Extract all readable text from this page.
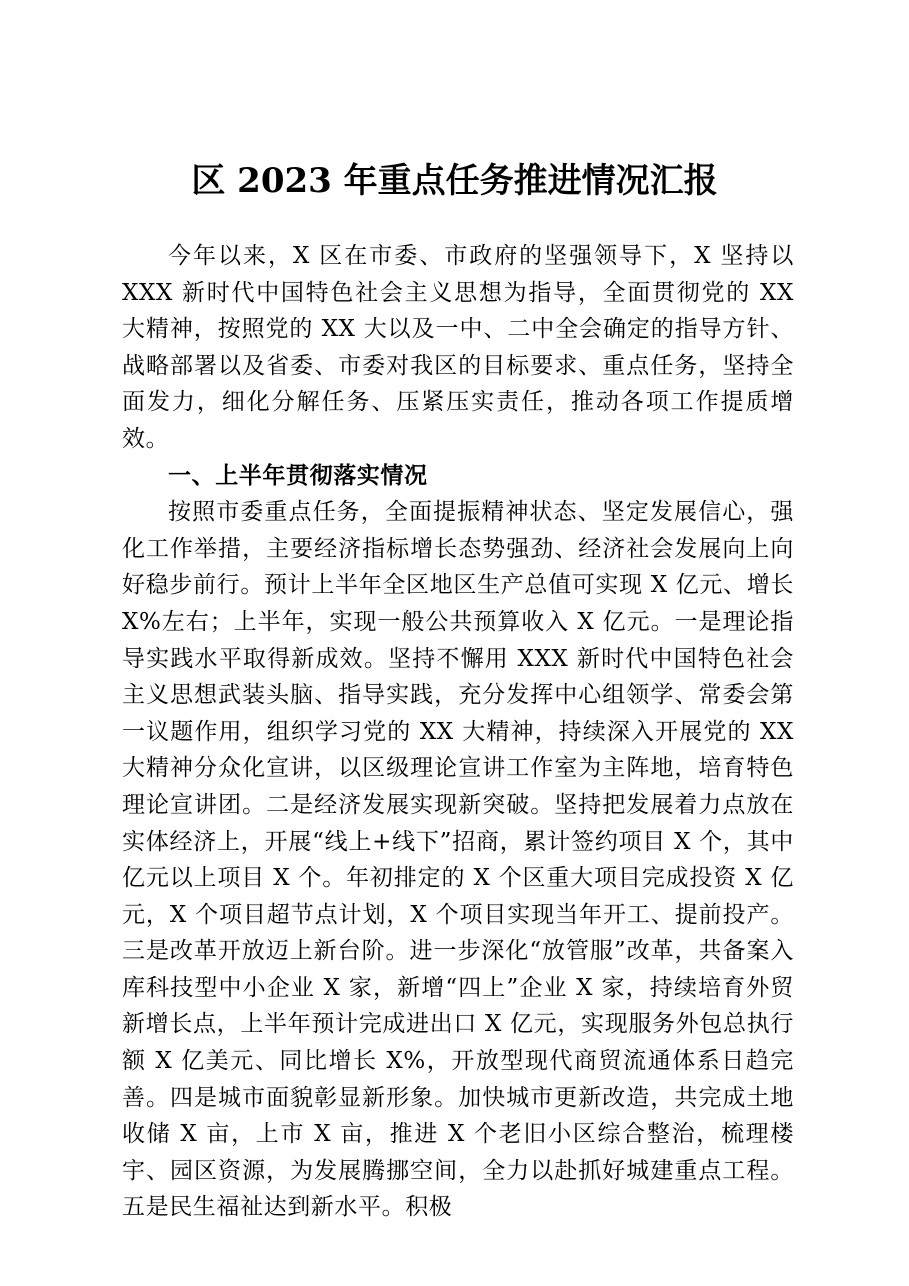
区 2023 年重点任务推进情况汇报

今年以来，X 区在市委、市政府的坚强领导下，X 坚持以 XXX 新时代中国特色社会主义思想为指导，全面贯彻党的 XX 大精神，按照党的 XX 大以及一中、二中全会确定的指导方针、战略部署以及省委、市委对我区的目标要求、重点任务，坚持全面发力，细化分解任务、压紧压实责任，推动各项工作提质增效。

一、上半年贯彻落实情况

按照市委重点任务，全面提振精神状态、坚定发展信心，强化工作举措，主要经济指标增长态势强劲、经济社会发展向上向好稳步前行。预计上半年全区地区生产总值可实现 X 亿元、增长 X%左右；上半年，实现一般公共预算收入 X 亿元。一是理论指导实践水平取得新成效。坚持不懈用 XXX 新时代中国特色社会主义思想武装头脑、指导实践，充分发挥中心组领学、常委会第一议题作用，组织学习党的 XX 大精神，持续深入开展党的 XX 大精神分众化宣讲，以区级理论宣讲工作室为主阵地，培育特色理论宣讲团。二是经济发展实现新突破。坚持把发展着力点放在实体经济上，开展“线上+线下”招商，累计签约项目 X 个，其中亿元以上项目 X 个。年初排定的 X 个区重大项目完成投资 X 亿元，X 个项目超节点计划，X 个项目实现当年开工、提前投产。三是改革开放迈上新台阶。进一步深化“放管服”改革，共备案入库科技型中小企业 X 家，新增“四上”企业 X 家，持续培育外贸新增长点，上半年预计完成进出口 X 亿元，实现服务外包总执行额 X 亿美元、同比增长 X%，开放型现代商贸流通体系日趋完善。四是城市面貌彰显新形象。加快城市更新改造，共完成土地收储 X 亩，上市 X 亩，推进 X 个老旧小区综合整治，梳理楼宇、园区资源，为发展腾挪空间，全力以赴抓好城建重点工程。五是民生福祉达到新水平。积极
